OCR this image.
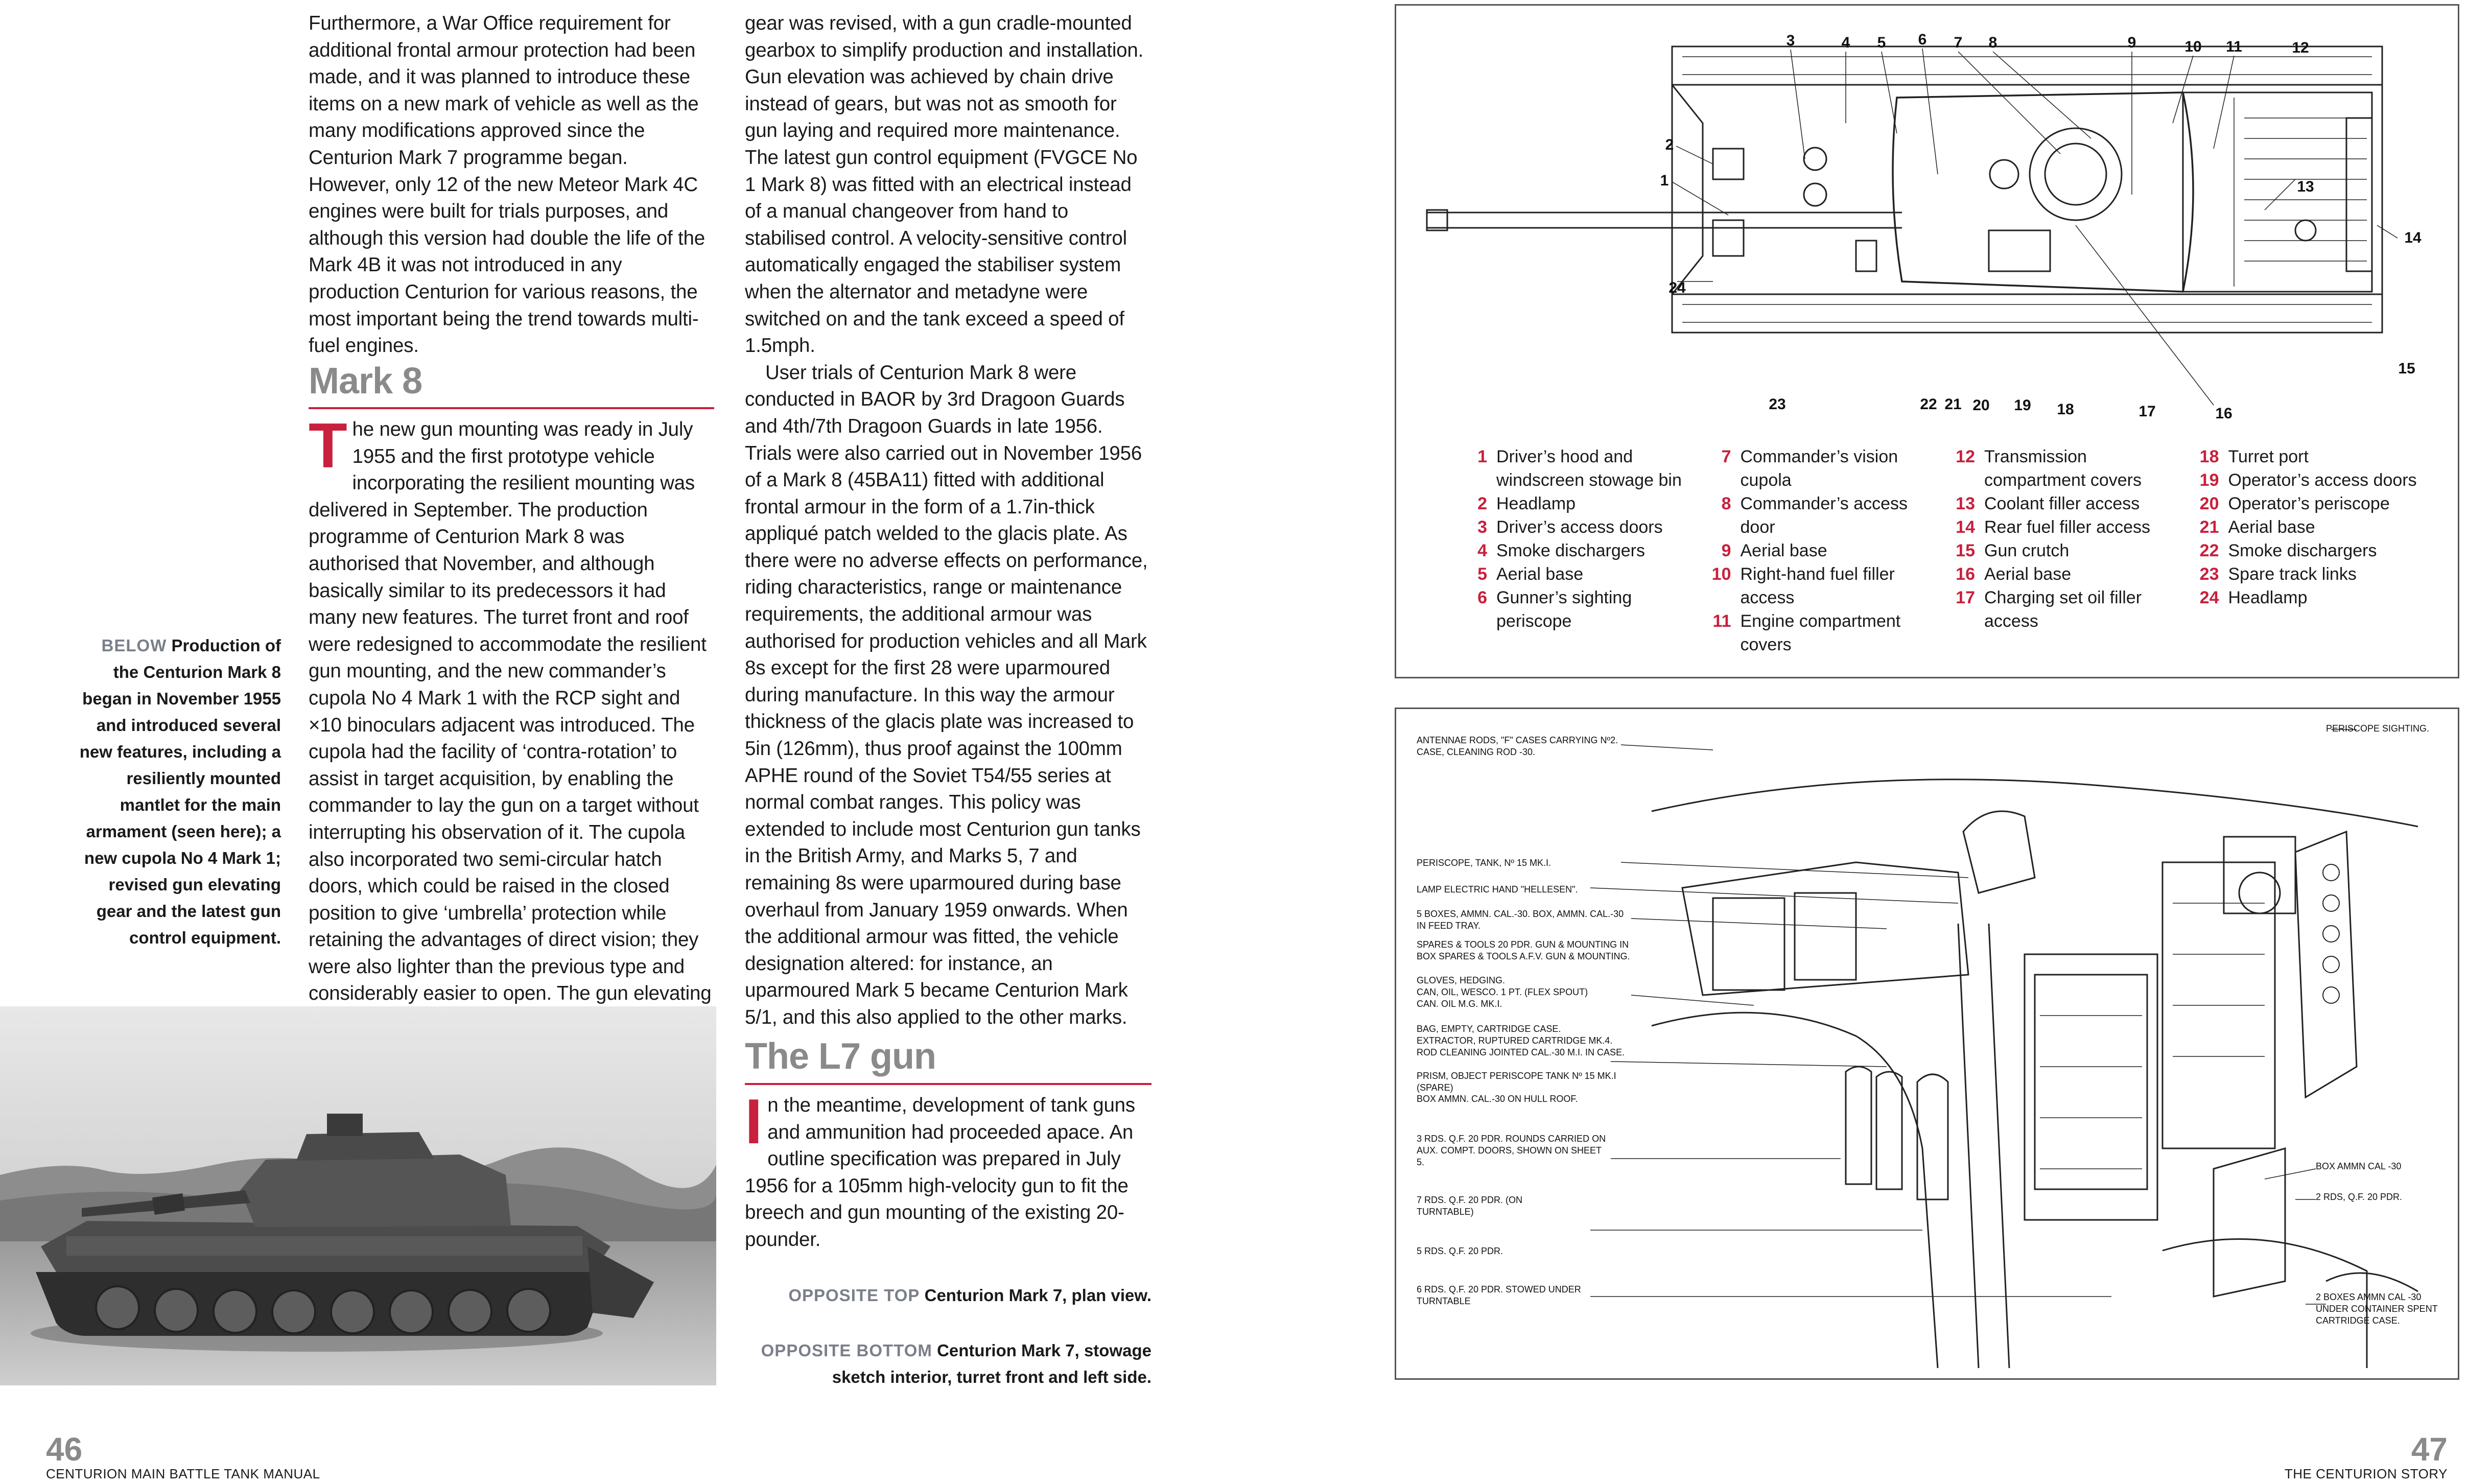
Furthermore, a War Office requirement for additional frontal armour protection had been made, and it was planned to introduce these items on a new mark of vehicle as well as the many modifications approved since the Centurion Mark 7 programme began. However, only 12 of the new Meteor Mark 4C engines were built for trials purposes, and although this version had double the life of the Mark 4B it was not introduced in any production Centurion for various reasons, the most important being the trend towards multi-fuel engines.

Mark 8

The new gun mounting was ready in July 1955 and the first prototype vehicle incorporating the resilient mounting was delivered in September. The production programme of Centurion Mark 8 was authorised that November, and although basically similar to its predecessors it had many new features. The turret front and roof were redesigned to accommodate the resilient gun mounting, and the new commander’s cupola No 4 Mark 1 with the RCP sight and ×10 binoculars adjacent was introduced. The cupola had the facility of ‘contra-rotation’ to assist in target acquisition, by enabling the commander to lay the gun on a target without interrupting his observation of it. The cupola also incorporated two semi-circular hatch doors, which could be raised in the closed position to give ‘umbrella’ protection while retaining the advantages of direct vision; they were also lighter than the previous type and considerably easier to open. The gun elevating

gear was revised, with a gun cradle-mounted gearbox to simplify production and installation. Gun elevation was achieved by chain drive instead of gears, but was not as smooth for gun laying and required more maintenance. The latest gun control equipment (FVGCE No 1 Mark 8) was fitted with an electrical instead of a manual changeover from hand to stabilised control. A velocity-sensitive control automatically engaged the stabiliser system when the alternator and metadyne were switched on and the tank exceed a speed of 1.5mph.

User trials of Centurion Mark 8 were conducted in BAOR by 3rd Dragoon Guards and 4th/7th Dragoon Guards in late 1956. Trials were also carried out in November 1956 of a Mark 8 (45BA11) fitted with additional frontal armour in the form of a 1.7in-thick appliqué patch welded to the glacis plate. As there were no adverse effects on performance, riding characteristics, range or maintenance requirements, the additional armour was authorised for production vehicles and all Mark 8s except for the first 28 were uparmoured during manufacture. In this way the armour thickness of the glacis plate was increased to 5in (126mm), thus proof against the 100mm APHE round of the Soviet T54/55 series at normal combat ranges. This policy was extended to include most Centurion gun tanks in the British Army, and Marks 5, 7 and remaining 8s were uparmoured during base overhaul from January 1959 onwards. When the additional armour was fitted, the vehicle designation altered: for instance, an uparmoured Mark 5 became Centurion Mark 5/1, and this also applied to the other marks.

The L7 gun

In the meantime, development of tank guns and ammunition had proceeded apace. An outline specification was prepared in July 1956 for a 105mm high-velocity gun to fit the breech and gun mounting of the existing 20-pounder.

BELOW Production of the Centurion Mark 8 began in November 1955 and introduced several new features, including a resiliently mounted mantlet for the main armament (seen here); a new cupola No 4 Mark 1; revised gun elevating gear and the latest gun control equipment.
OPPOSITE TOP Centurion Mark 7, plan view.
OPPOSITE BOTTOM Centurion Mark 7, stowage sketch interior, turret front and left side.
46
CENTURION MAIN BATTLE TANK MANUAL
3	4 5 6 7 8	9	10 11	12
13
14
15
16
17
18
19
20
21
22
23
24
2
1
1 Driver’s hood and windscreen stowage bin
2 Headlamp
3 Driver’s access doors
4 Smoke dischargers
5 Aerial base
6 Gunner’s sighting periscope
7 Commander’s vision cupola
8 Commander’s access door
9 Aerial base
10 Right-hand fuel filler access
11 Engine compartment covers
12 Transmission compartment covers
13 Coolant filler access
14 Rear fuel filler access
15 Gun crutch
16 Aerial base
17 Charging set oil filler access
18 Turret port
19 Operator’s access doors
20 Operator’s periscope
21 Aerial base
22 Smoke dischargers
23 Spare track links
24 Headlamp
ANTENNAE RODS, "F" CASES CARRYING Nº2. CASE, CLEANING ROD -30.
PERISCOPE SIGHTING.
PERISCOPE, TANK, Nº 15 MK.I.
LAMP ELECTRIC HAND "HELLESEN".
5 BOXES, AMMN. CAL.-30. BOX, AMMN. CAL.-30 IN FEED TRAY.
SPARES & TOOLS 20 PDR. GUN & MOUNTING IN BOX SPARES & TOOLS A.F.V. GUN & MOUNTING.
GLOVES, HEDGING.
CAN, OIL, WESCO. 1 PT. (FLEX SPOUT)
CAN. OIL M.G. MK.I.
BAG, EMPTY, CARTRIDGE CASE.
EXTRACTOR, RUPTURED CARTRIDGE MK.4.
ROD CLEANING JOINTED CAL.-30 M.I. IN CASE.
PRISM, OBJECT PERISCOPE TANK Nº 15 MK.I (SPARE)
BOX AMMN. CAL.-30 ON HULL ROOF.
3 RDS. Q.F. 20 PDR. ROUNDS CARRIED ON AUX. COMPT. DOORS, SHOWN ON SHEET 5.
7 RDS. Q.F. 20 PDR. (ON TURNTABLE)
BOX AMMN CAL -30
2 RDS, Q.F. 20 PDR.
5 RDS. Q.F. 20 PDR.
6 RDS. Q.F. 20 PDR. STOWED UNDER TURNTABLE	2 BOXES AMMN CAL -30 UNDER CONTAINER SPENT CARTRIDGE CASE.
47
THE CENTURION STORY
